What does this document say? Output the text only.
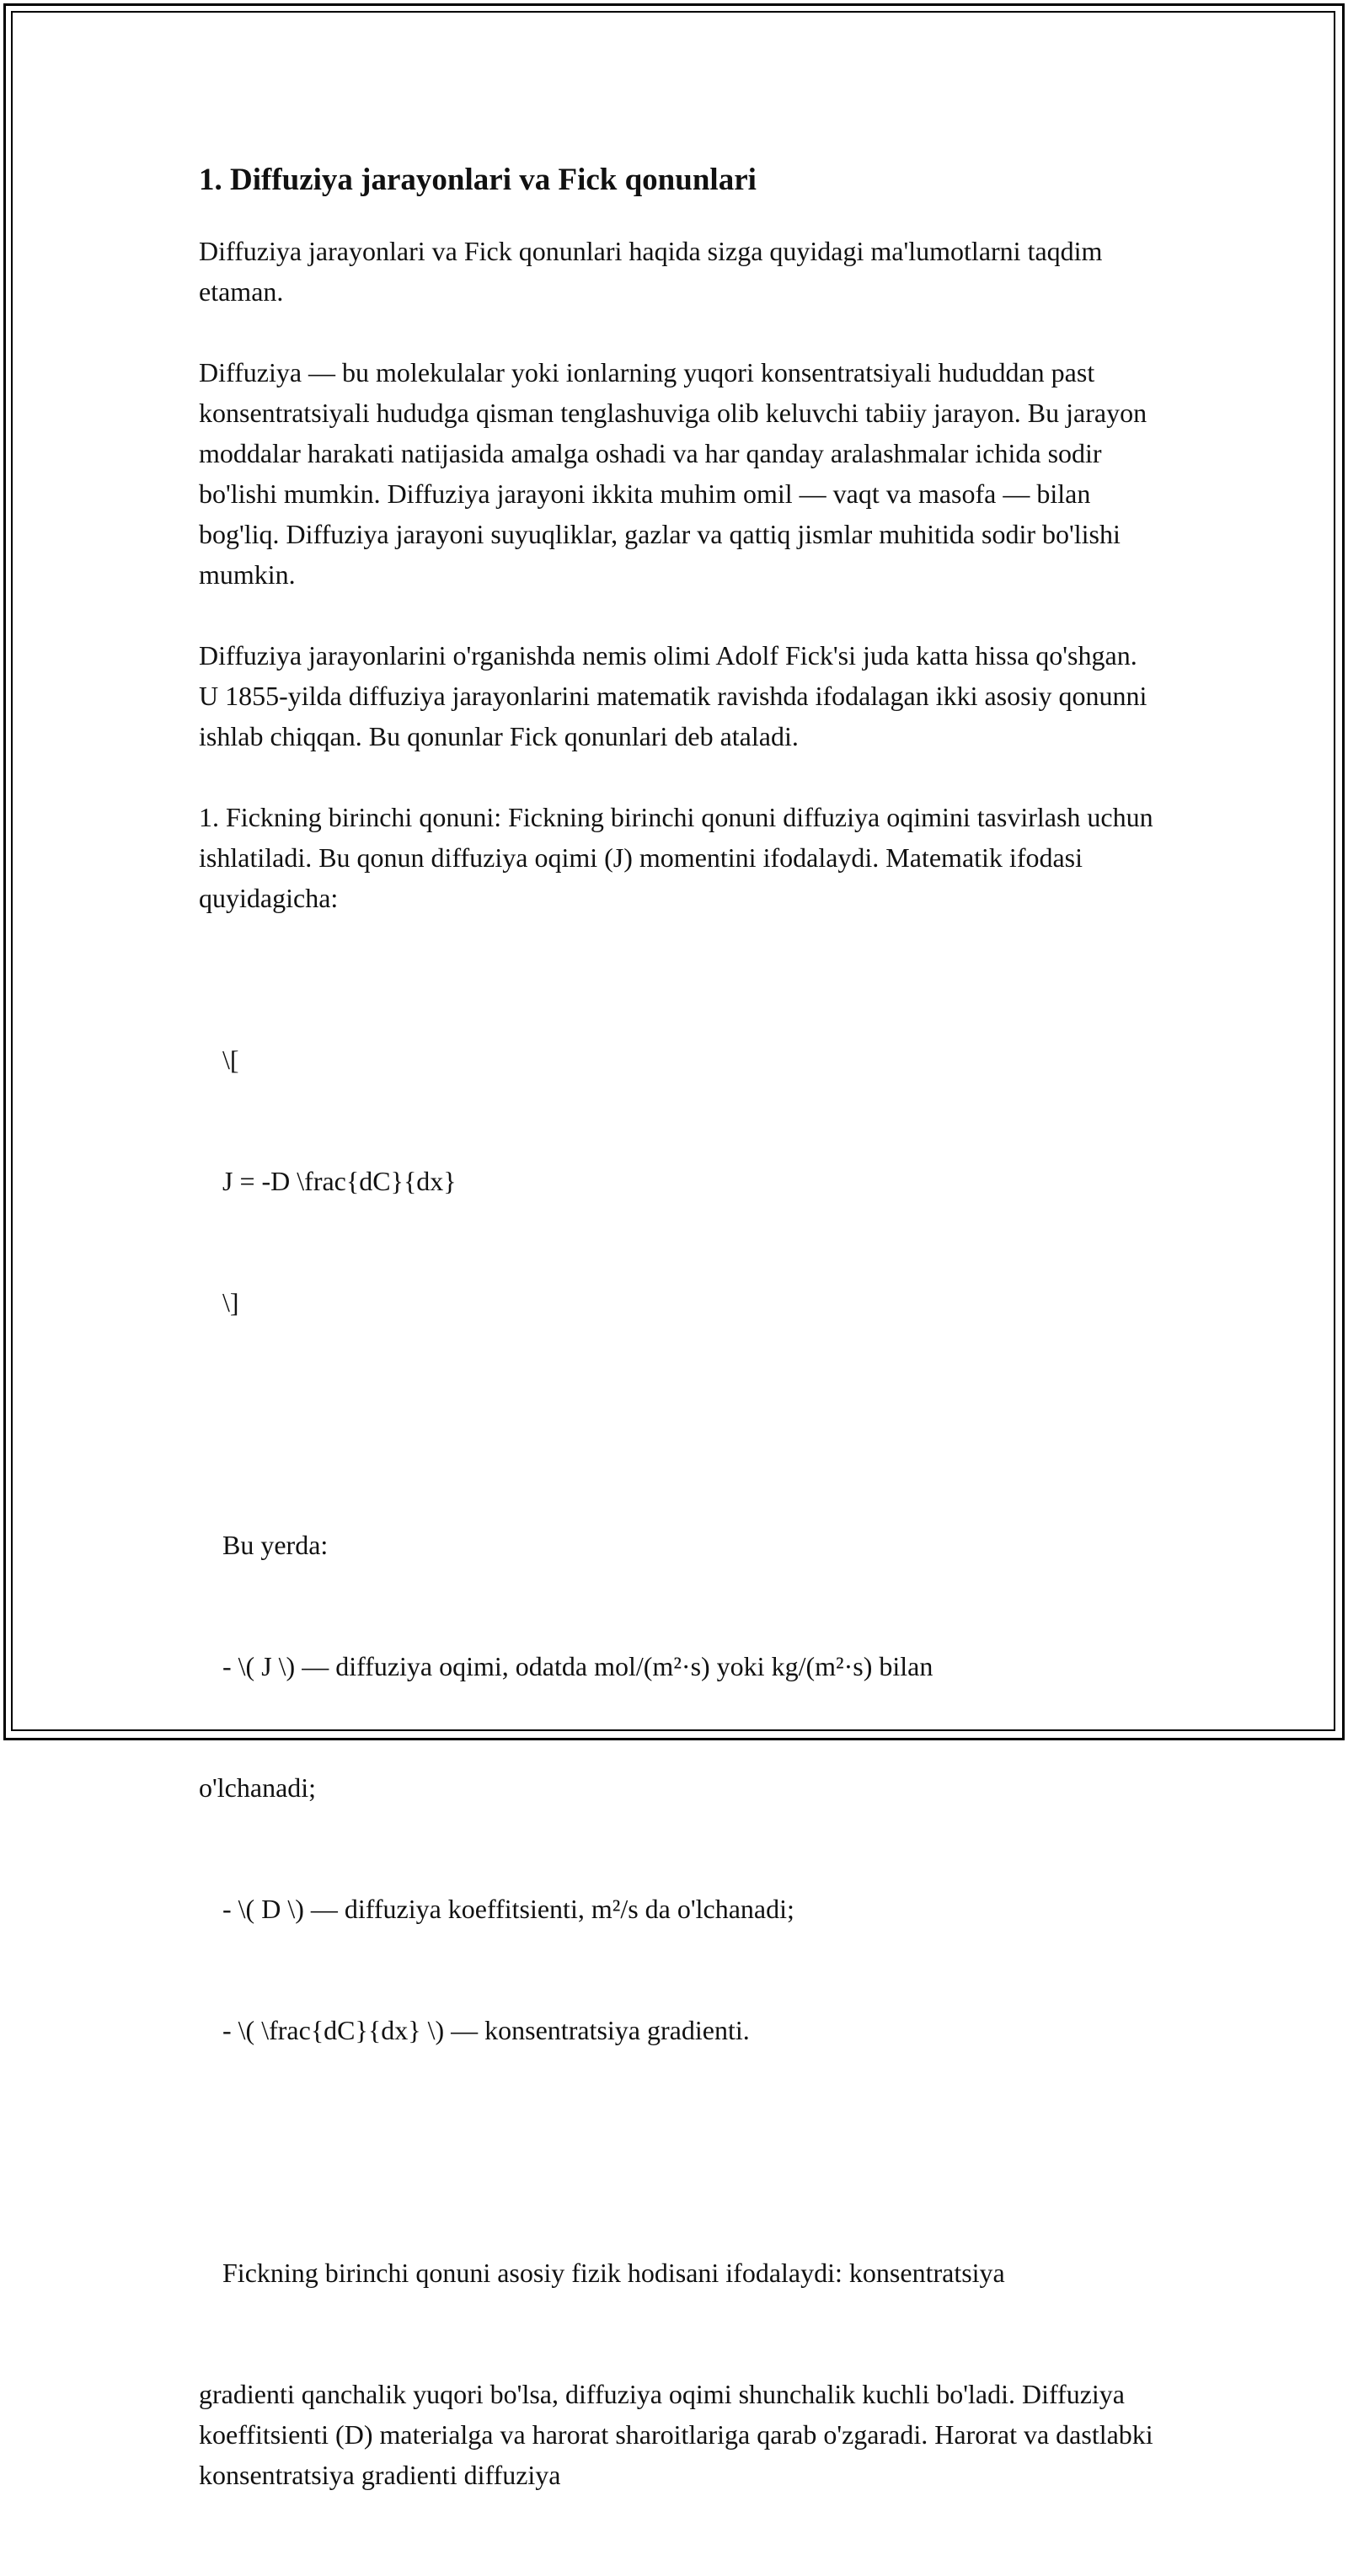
1. Diffuziya jarayonlari va Fick qonunlari

Diffuziya jarayonlari va Fick qonunlari haqida sizga quyidagi ma'lumotlarni taqdim etaman.

Diffuziya — bu molekulalar yoki ionlarning yuqori konsentratsiyali hududdan past konsentratsiyali hududga qisman tenglashuviga olib keluvchi tabiiy jarayon. Bu jarayon moddalar harakati natijasida amalga oshadi va har qanday aralashmalar ichida sodir bo'lishi mumkin. Diffuziya jarayoni ikkita muhim omil — vaqt va masofa — bilan bog'liq. Diffuziya jarayoni suyuqliklar, gazlar va qattiq jismlar muhitida sodir bo'lishi mumkin.

Diffuziya jarayonlarini o'rganishda nemis olimi Adolf Fick'si juda katta hissa qo'shgan. U 1855-yilda diffuziya jarayonlarini matematik ravishda ifodalagan ikki asosiy qonunni ishlab chiqqan. Bu qonunlar Fick qonunlari deb ataladi.

1. Fickning birinchi qonuni: Fickning birinchi qonuni diffuziya oqimini tasvirlash uchun ishlatiladi. Bu qonun diffuziya oqimi (J) momentini ifodalaydi. Matematik ifodasi quyidagicha:

\[

J = -D \frac{dC}{dx}

\]

Bu yerda:

- \( J \) — diffuziya oqimi, odatda mol/(m²·s) yoki kg/(m²·s) bilan

o'lchanadi;

- \( D \) — diffuziya koeffitsienti, m²/s da o'lchanadi;

- \( \frac{dC}{dx} \) — konsentratsiya gradienti.

Fickning birinchi qonuni asosiy fizik hodisani ifodalaydi: konsentratsiya

gradienti qanchalik yuqori bo'lsa, diffuziya oqimi shunchalik kuchli bo'ladi. Diffuziya koeffitsienti (D) materialga va harorat sharoitlariga qarab o'zgaradi. Harorat va dastlabki konsentratsiya gradienti diffuziya
